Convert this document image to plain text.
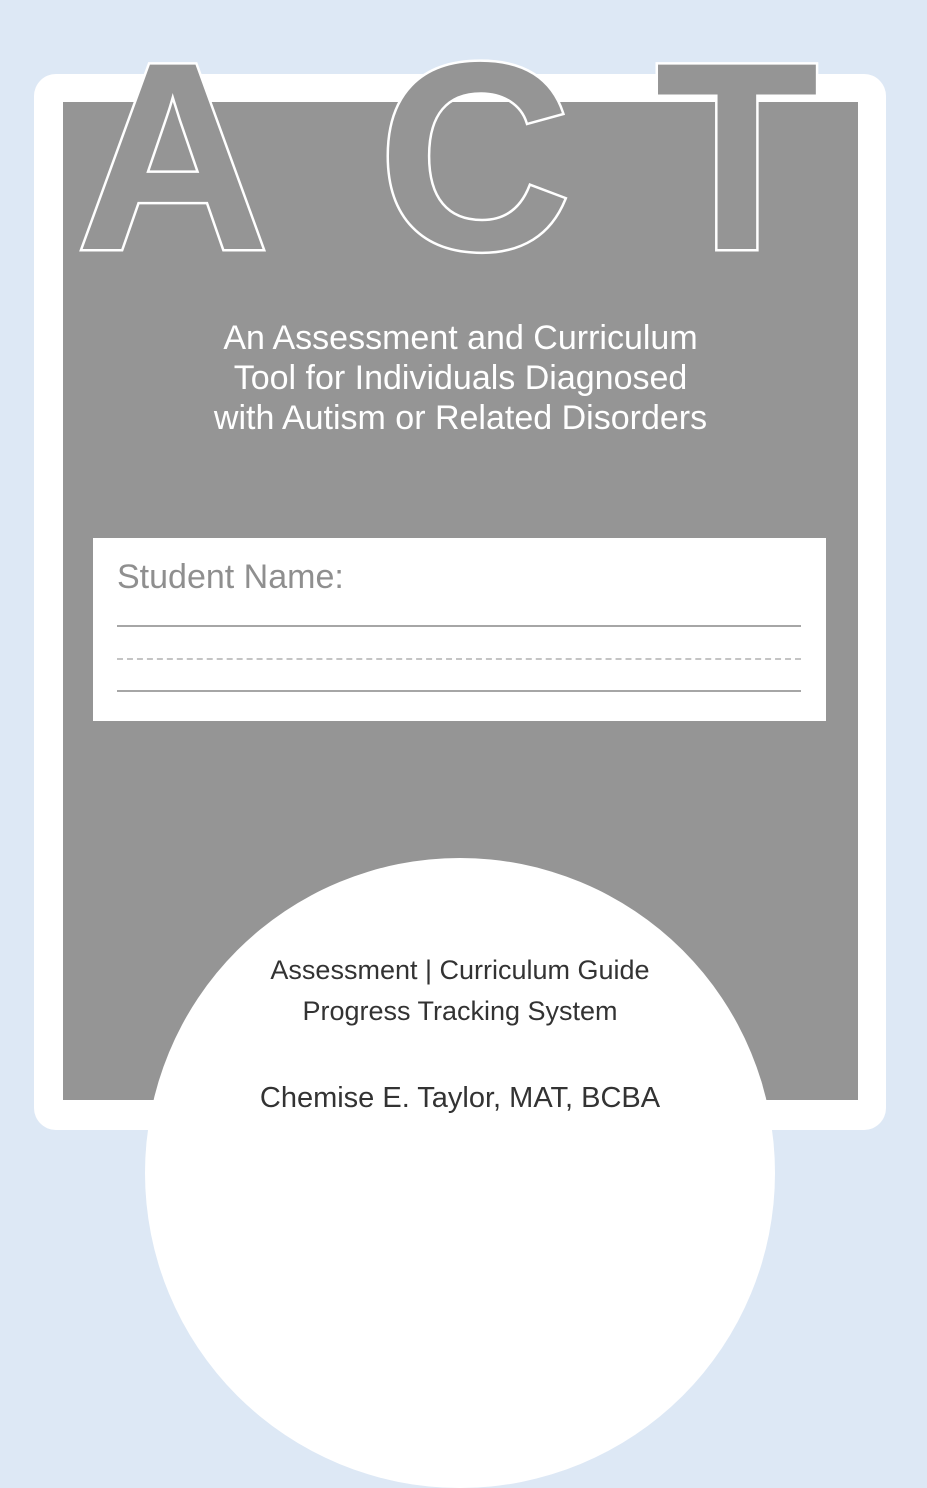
A C T
An Assessment and Curriculum
Tool for Individuals Diagnosed
with Autism or Related Disorders
Student Name:
Assessment | Curriculum Guide
Progress Tracking System
Chemise E. Taylor, MAT, BCBA
